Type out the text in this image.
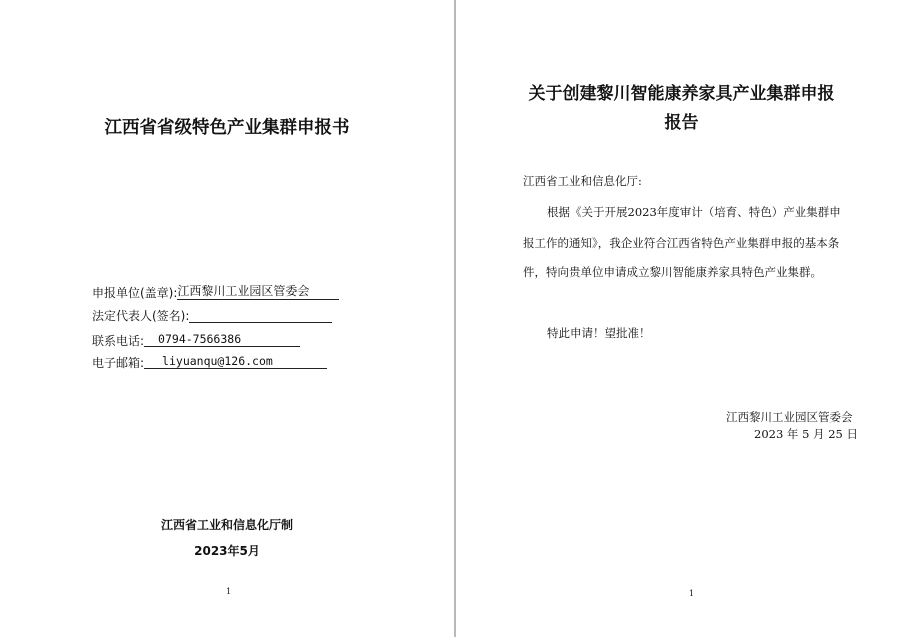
江西省省级特色产业集群申报书
申报单位(盖章):江西黎川工业园区管委会
法定代表人(签名):
联系电话: 0794-7566386
电子邮箱: liyuanqu@126.com
江西省工业和信息化厅制
2023年5月
1
关于创建黎川智能康养家具产业集群申报
报告
江西省工业和信息化厅:
根据《关于开展2023年度审计（培育、特色）产业集群申
报工作的通知》，我企业符合江西省特色产业集群申报的基本条
件，特向贵单位申请成立黎川智能康养家具特色产业集群。
特此申请！望批准！
江西黎川工业园区管委会
2023 年 5 月 25 日
1
